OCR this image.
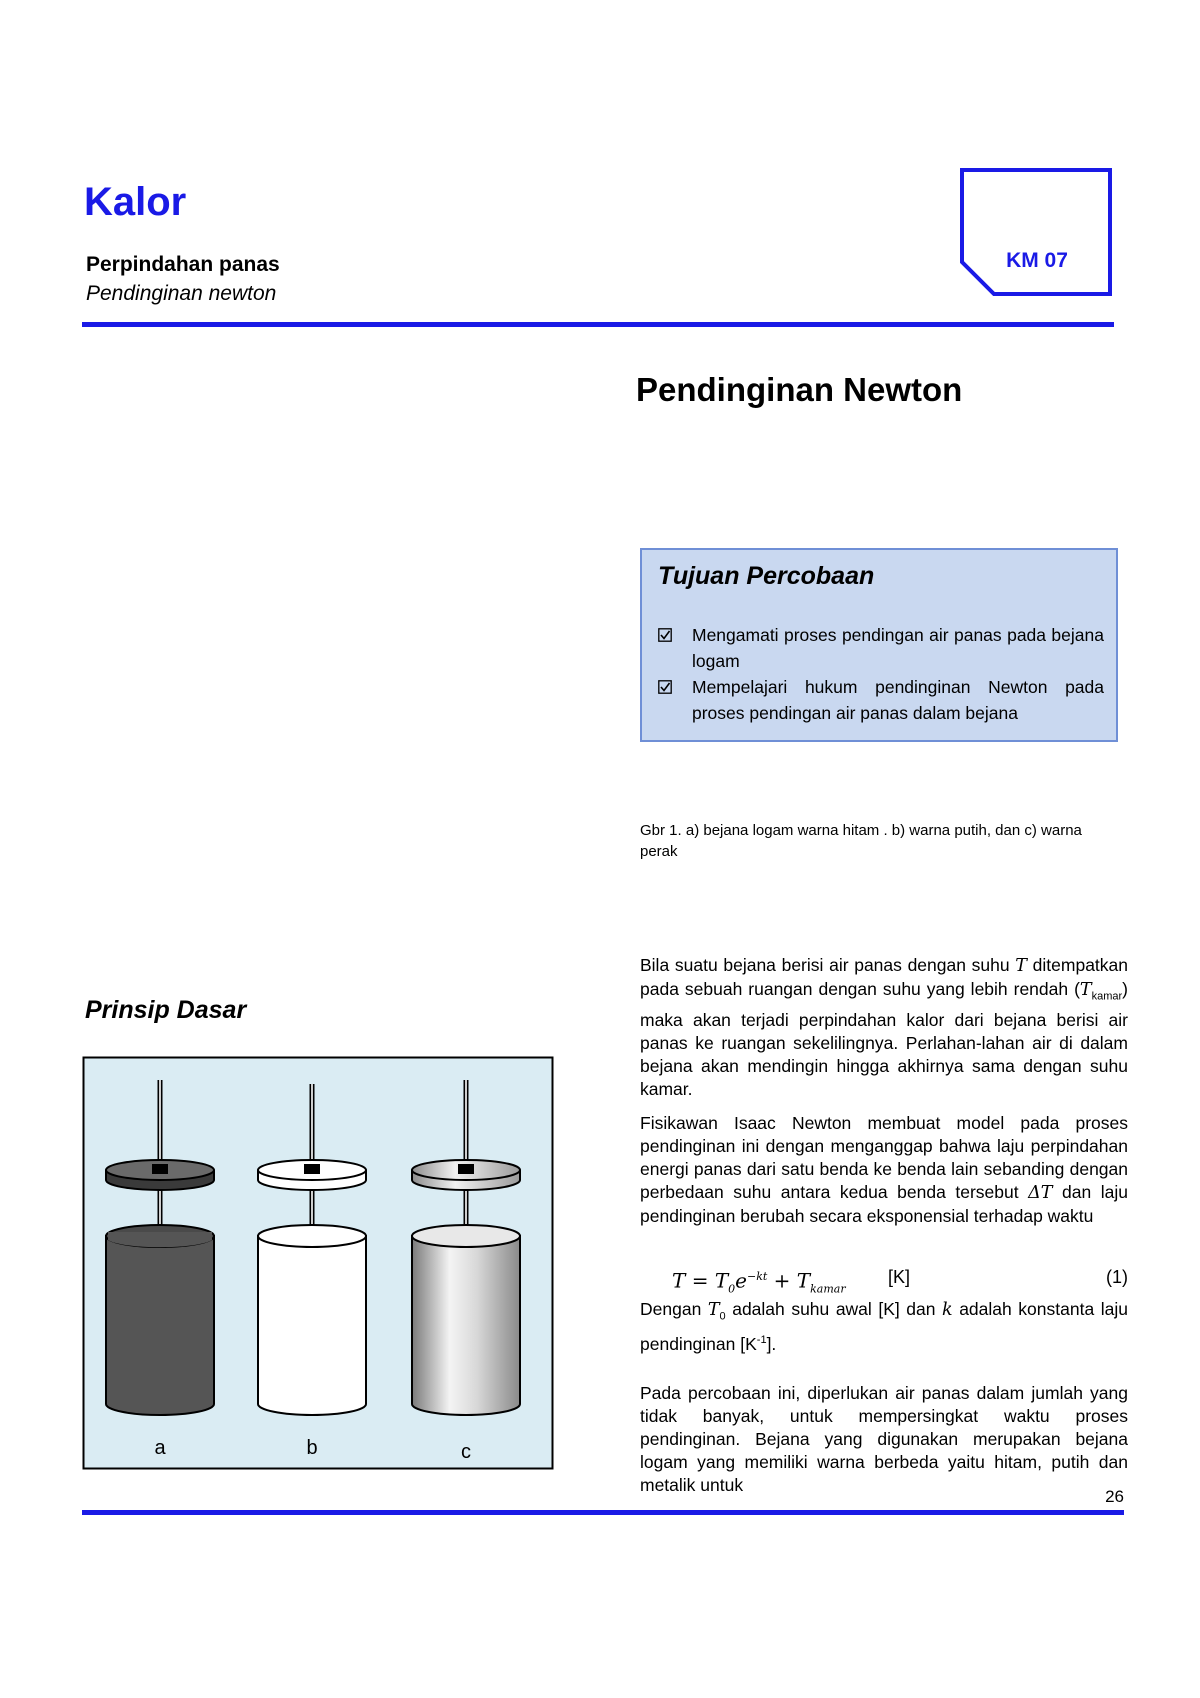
Kalor
Perpindahan panas
Pendinginan newton
KM 07
Pendinginan Newton
Tujuan Percobaan
Mengamati proses pendingan air panas pada bejana logam
Mempelajari hukum pendinginan Newton pada proses pendingan air panas dalam bejana
Gbr 1. a) bejana logam warna hitam . b) warna putih, dan c) warna perak
Prinsip Dasar
a	b	c
Bila suatu bejana berisi air panas dengan suhu T ditempatkan pada sebuah ruangan dengan suhu yang lebih rendah $(T_{kamar})$ maka akan terjadi perpindahan kalor dari bejana berisi air panas ke ruangan sekelilingnya. Perlahan-lahan air di dalam bejana akan mendingin hingga akhirnya sama dengan suhu kamar.
Fisikawan Isaac Newton membuat model pada proses pendinginan ini dengan menganggap bahwa laju perpindahan energi panas dari satu benda ke benda lain sebanding dengan perbedaan suhu antara kedua benda tersebut ΔT dan laju pendinginan berubah secara eksponensial terhadap waktu
$T = T_0e^{-kt} + T_{kamar}$
[K]	(1)
Dengan $T_0$ adalah suhu awal [K] dan k adalah konstanta laju pendinginan $[K^{-1}]$.
Pada percobaan ini, diperlukan air panas dalam jumlah yang tidak banyak, untuk mempersingkat waktu proses pendinginan. Bejana yang digunakan merupakan bejana logam yang memiliki warna berbeda yaitu hitam, putih dan metalik untuk
26
